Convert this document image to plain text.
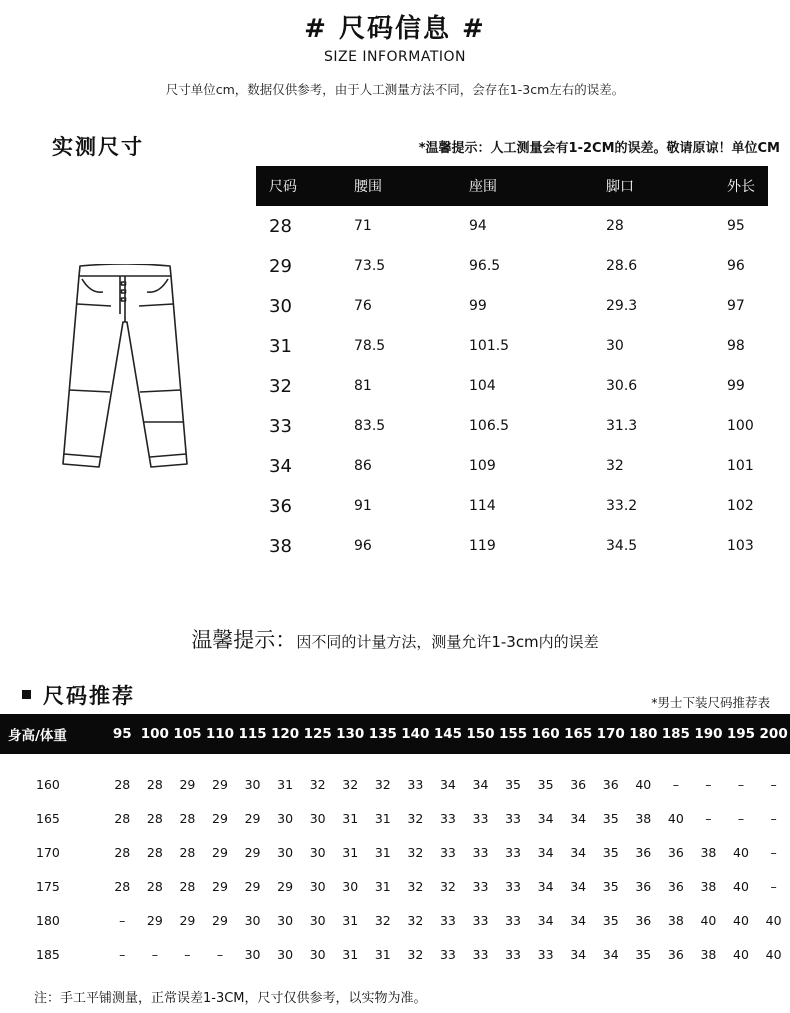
# 尺码信息 #
SIZE INFORMATION
尺寸单位cm，数据仅供参考，由于人工测量方法不同，会存在1-3cm左右的误差。
实测尺寸	*温馨提示：人工测量会有1-2CM的误差。敬请原谅！单位CM
尺码	腰围	座围	脚口	外长
28	71	94	28	95
29	73.5	96.5	28.6	96
30	76	99	29.3	97
31	78.5	101.5	30	98
32	81	104	30.6	99
33	83.5	106.5	31.3	100
34	86	109	32	101
36	91	114	33.2	102
38	96	119	34.5	103
温馨提示：因不同的计量方法，测量允许1-3cm内的误差
尺码推荐	*男士下装尺码推荐表
身高/体重	95	100	105	110	115	120	125	130	135	140	145	150	155	160	165	170	180	185	190	195	200
160	28	28	29	29	30	31	32	32	32	33	34	34	35	35	36	36	40	–	–	–	–
165	28	28	28	29	29	30	30	31	31	32	33	33	33	34	34	35	38	40	–	–	–
170	28	28	28	29	29	30	30	31	31	32	33	33	33	34	34	35	36	36	38	40	–
175	28	28	28	29	29	29	30	30	31	32	32	33	33	34	34	35	36	36	38	40	–
180	–	29	29	29	30	30	30	31	32	32	33	33	33	34	34	35	36	38	40	40	40
185	–	–	–	–	30	30	30	31	31	32	33	33	33	33	34	34	35	36	38	40	40
注：手工平铺测量，正常误差1-3CM，尺寸仅供参考，以实物为准。
